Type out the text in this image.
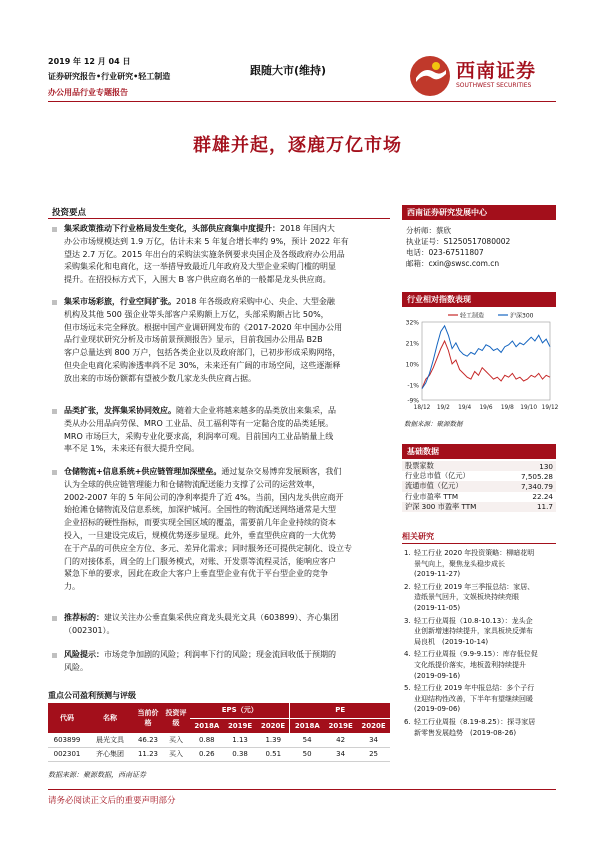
2019 年 12 月 04 日
证券研究报告•行业研究•轻工制造
办公用品行业专题报告
跟随大市(维持)	西南证券
SOUTHWEST SECURITIES
群雄并起，逐鹿万亿市场
投资要点
集采政策推动下行业格局发生变化，头部供应商集中度提升：2018 年国内大
办公市场规模达到 1.9 万亿，估计未来 5 年复合增长率约 9%，预计 2022 年有
望达 2.7 万亿。2015 年出台的采购法实施条例要求央国企及各级政府办公用品
采购集采化和电商化，这一举措导致最近几年政府及大型企业采购门槛的明显
提升。在招投标方式下，入围大 B 客户供应商名单的一般都是龙头供应商。
集采市场彩旅，行业空间扩张。2018 年各级政府采购中心、央企、大型金融
机构及其他 500 强企业等头部客户采购额上万亿，头部采购额占比 50%，
但市场远未完全释放。根据中国产业调研网发布的《2017-2020 年中国办公用
品行业现状研究分析及市场前景预测报告》显示，目前我国办公用品 B2B
客户总量达到 800 万户，包括各类企业以及政府部门，已初步形成采购网络，
但央企电商化采购渗透率尚不足 30%，未来还有广阔的市场空间，这些逐渐释
放出来的市场份额都有望被少数几家龙头供应商占据。
品类扩张，发挥集采协同效应。随着大企业将越来越多的品类放出来集采，品
类从办公用品向劳保、MRO 工业品、员工福利等有一定黏合度的品类延展。
MRO 市场巨大，采购专业化要求高，利润率可观。目前国内工业品销量上线
率不足 1%，未来还有很大提升空间。
仓储物流+信息系统+供应链管理加深壁垒。通过复杂交易博弈发展顾客，我们
认为全球的供应链管理能力和仓储物流配送能力支撑了公司的运营效率，
2002-2007 年的 5 年间公司的净利率提升了近 4%。当前，国内龙头供应商开
始抢滩仓储物流及信息系统，加深护城河。全国性的物流配送网络通常是大型
企业招标的硬性指标，而要实现全国区域的覆盖，需要前几年企业持续的资本
投入，一旦建设完成后，规模优势逐步显现。此外，垂直型供应商的一大优势
在于产品的可供应全方位、多元、差异化需求；同时服务还可提供定制化、设立专
门的对接体系，周全的上门服务模式，对账、开发票等流程灵活，能响应客户
紧急下单的要求，因此在政企大客户上垂直型企业有优于平台型企业的竞争
力。
推荐标的：建议关注办公垂直集采供应商龙头晨光文具（603899）、齐心集团
（002301）。
风险提示：市场竞争加剧的风险；利润率下行的风险；现金流回收低于预期的
风险。
重点公司盈利预测与评级
代码	名称	当前价格	投资评级	EPS（元）			PE		
				2018A	2019E	2020E	2018A	2019E	2020E
603899	晨光文具	46.23	买入	0.88	1.13	1.39	54	42	34
002301	齐心集团	11.23	买入	0.26	0.38	0.51	50	34	25
数据来源：聚源数据，西南证券
西南证券研究发展中心
分析师：蔡欣
执业证号：S1250517080002
电话：023-67511807
邮箱：cxin@swsc.com.cn
行业相对指数表现
32%
21%
10%
-1%
-9%
18/12 19/2 19/4 19/6 19/8 19/10 19/12
轻工制造	沪深300
数据来源：聚源数据
基础数据
股票家数	130
行业总市值（亿元）	7,505.28
流通市值（亿元）	7,340.79
行业市盈率 TTM	22.24
沪深 300 市盈率 TTM	11.7
相关研究
1. 轻工行业 2020 年投资策略：柳暗花明
景气向上，聚焦龙头稳步成长
(2019-11-27)
2. 轻工行业 2019 年三季报总结：家居、
造纸景气回升，文娱板块持续亮眼
(2019-11-05)
3. 轻工行业周报（10.8-10.13）：龙头企
业创新增速持续提升，家具板块反弹布
局良机　(2019-10-14)
4. 轻工行业周报（9.9-9.15）：库存低位促
文化纸提价落实，地板盈利持续提升
(2019-09-16)
5. 轻工行业 2019 年中报总结：多个子行
业迎结构性改善，下半年有望继续回暖
(2019-09-06)
6. 轻工行业周报（8.19-8.25）：探寻家居
新零售发展趋势　(2019-08-26)
请务必阅读正文后的重要声明部分
